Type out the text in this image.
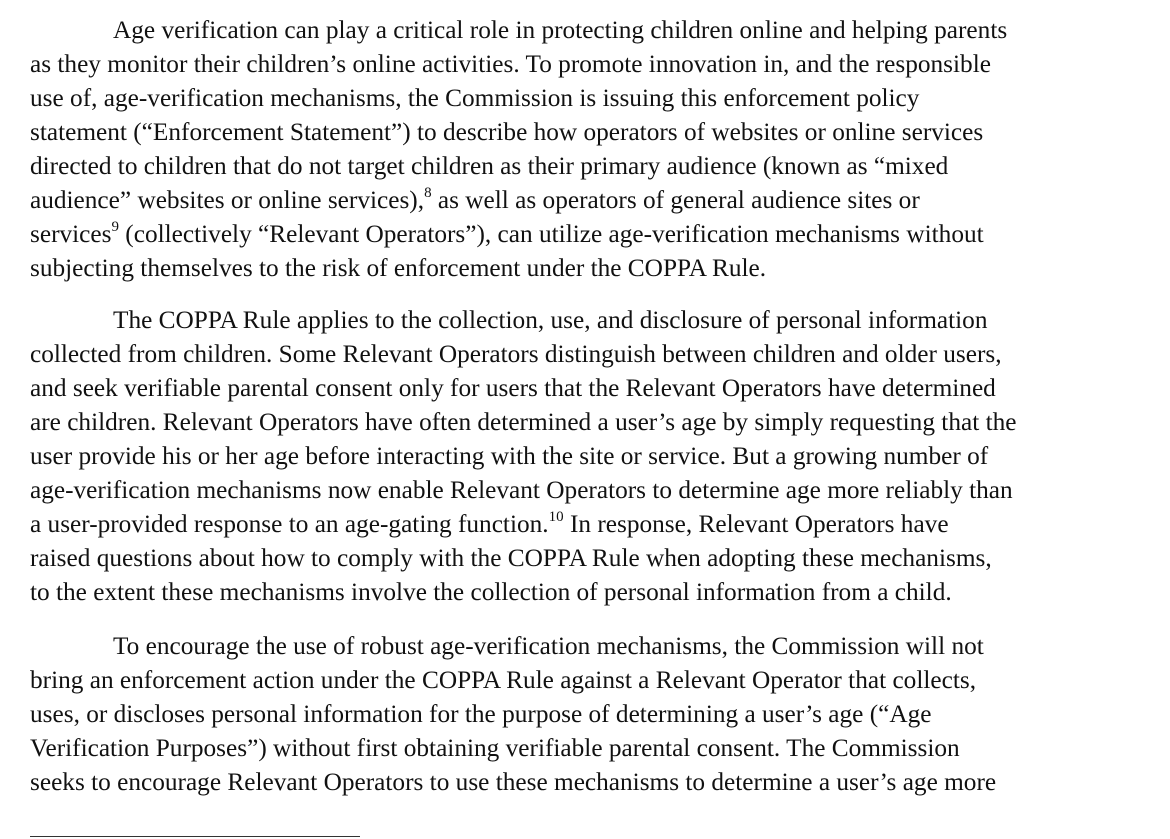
Age verification can play a critical role in protecting children online and helping parents
as they monitor their children’s online activities. To promote innovation in, and the responsible
use of, age-verification mechanisms, the Commission is issuing this enforcement policy
statement (“Enforcement Statement”) to describe how operators of websites or online services
directed to children that do not target children as their primary audience (known as “mixed
audience” websites or online services),$^8$ as well as operators of general audience sites or
services$^9$ (collectively “Relevant Operators”), can utilize age-verification mechanisms without
subjecting themselves to the risk of enforcement under the COPPA Rule.
The COPPA Rule applies to the collection, use, and disclosure of personal information
collected from children. Some Relevant Operators distinguish between children and older users,
and seek verifiable parental consent only for users that the Relevant Operators have determined
are children. Relevant Operators have often determined a user’s age by simply requesting that the
user provide his or her age before interacting with the site or service. But a growing number of
age-verification mechanisms now enable Relevant Operators to determine age more reliably than
a user-provided response to an age-gating function.$^{10}$ In response, Relevant Operators have
raised questions about how to comply with the COPPA Rule when adopting these mechanisms,
to the extent these mechanisms involve the collection of personal information from a child.
To encourage the use of robust age-verification mechanisms, the Commission will not
bring an enforcement action under the COPPA Rule against a Relevant Operator that collects,
uses, or discloses personal information for the purpose of determining a user’s age (“Age
Verification Purposes”) without first obtaining verifiable parental consent. The Commission
seeks to encourage Relevant Operators to use these mechanisms to determine a user’s age more
